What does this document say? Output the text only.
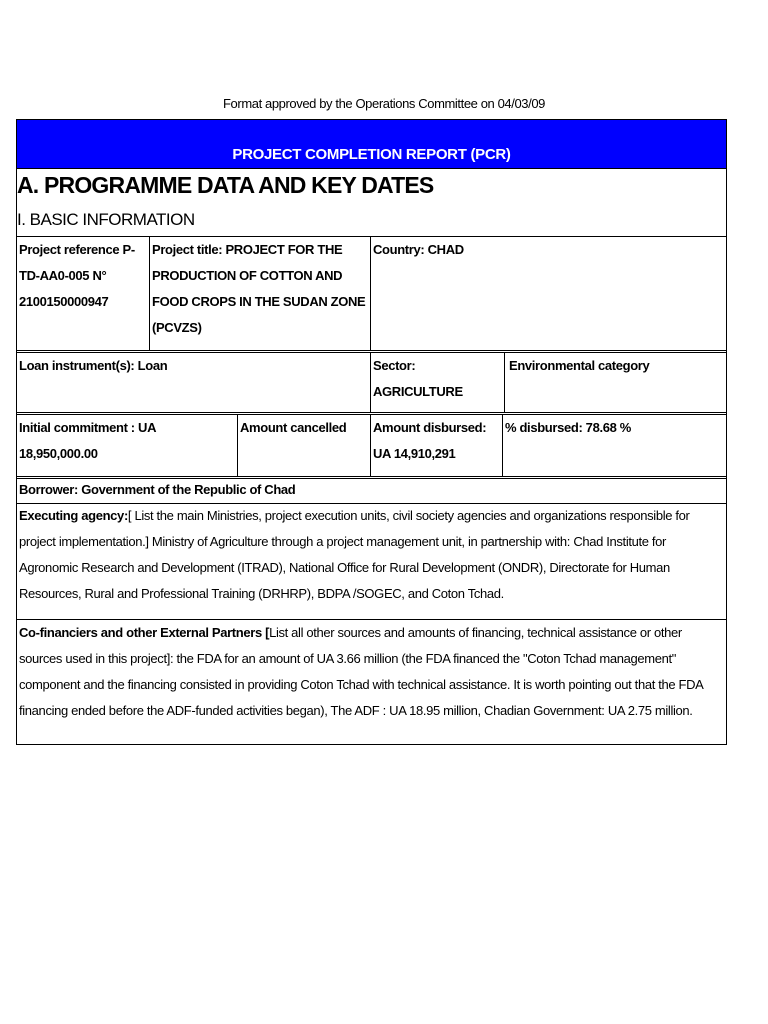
Format approved by the Operations Committee on 04/03/09
PROJECT COMPLETION REPORT (PCR)
A. PROGRAMME DATA AND KEY DATES
I. BASIC INFORMATION
Project reference P-TD-AA0-005 N° 2100150000947
Project title: PROJECT FOR THE PRODUCTION OF COTTON AND FOOD CROPS IN THE SUDAN ZONE (PCVZS)
Country: CHAD
Loan instrument(s): Loan	Sector: AGRICULTURE
Environmental category
Initial commitment : UA 18,950,000.00
Amount cancelled	Amount disbursed: UA 14,910,291
% disbursed: 78.68 %
Borrower: Government of the Republic of Chad
Executing agency:[ List the main Ministries, project execution units, civil society agencies and organizations responsible for project implementation.] Ministry of Agriculture through a project management unit, in partnership with: Chad Institute for Agronomic Research and Development (ITRAD), National Office for Rural Development (ONDR), Directorate for Human Resources, Rural and Professional Training (DRHRP), BDPA /SOGEC, and Coton Tchad.
Co-financiers and other External Partners [List all other sources and amounts of financing, technical assistance or other sources used in this project]: the FDA for an amount of UA 3.66 million (the FDA financed the "Coton Tchad management" component and the financing consisted in providing Coton Tchad with technical assistance. It is worth pointing out that the FDA financing ended before the ADF-funded activities began), The ADF : UA 18.95 million, Chadian Government: UA 2.75 million.
